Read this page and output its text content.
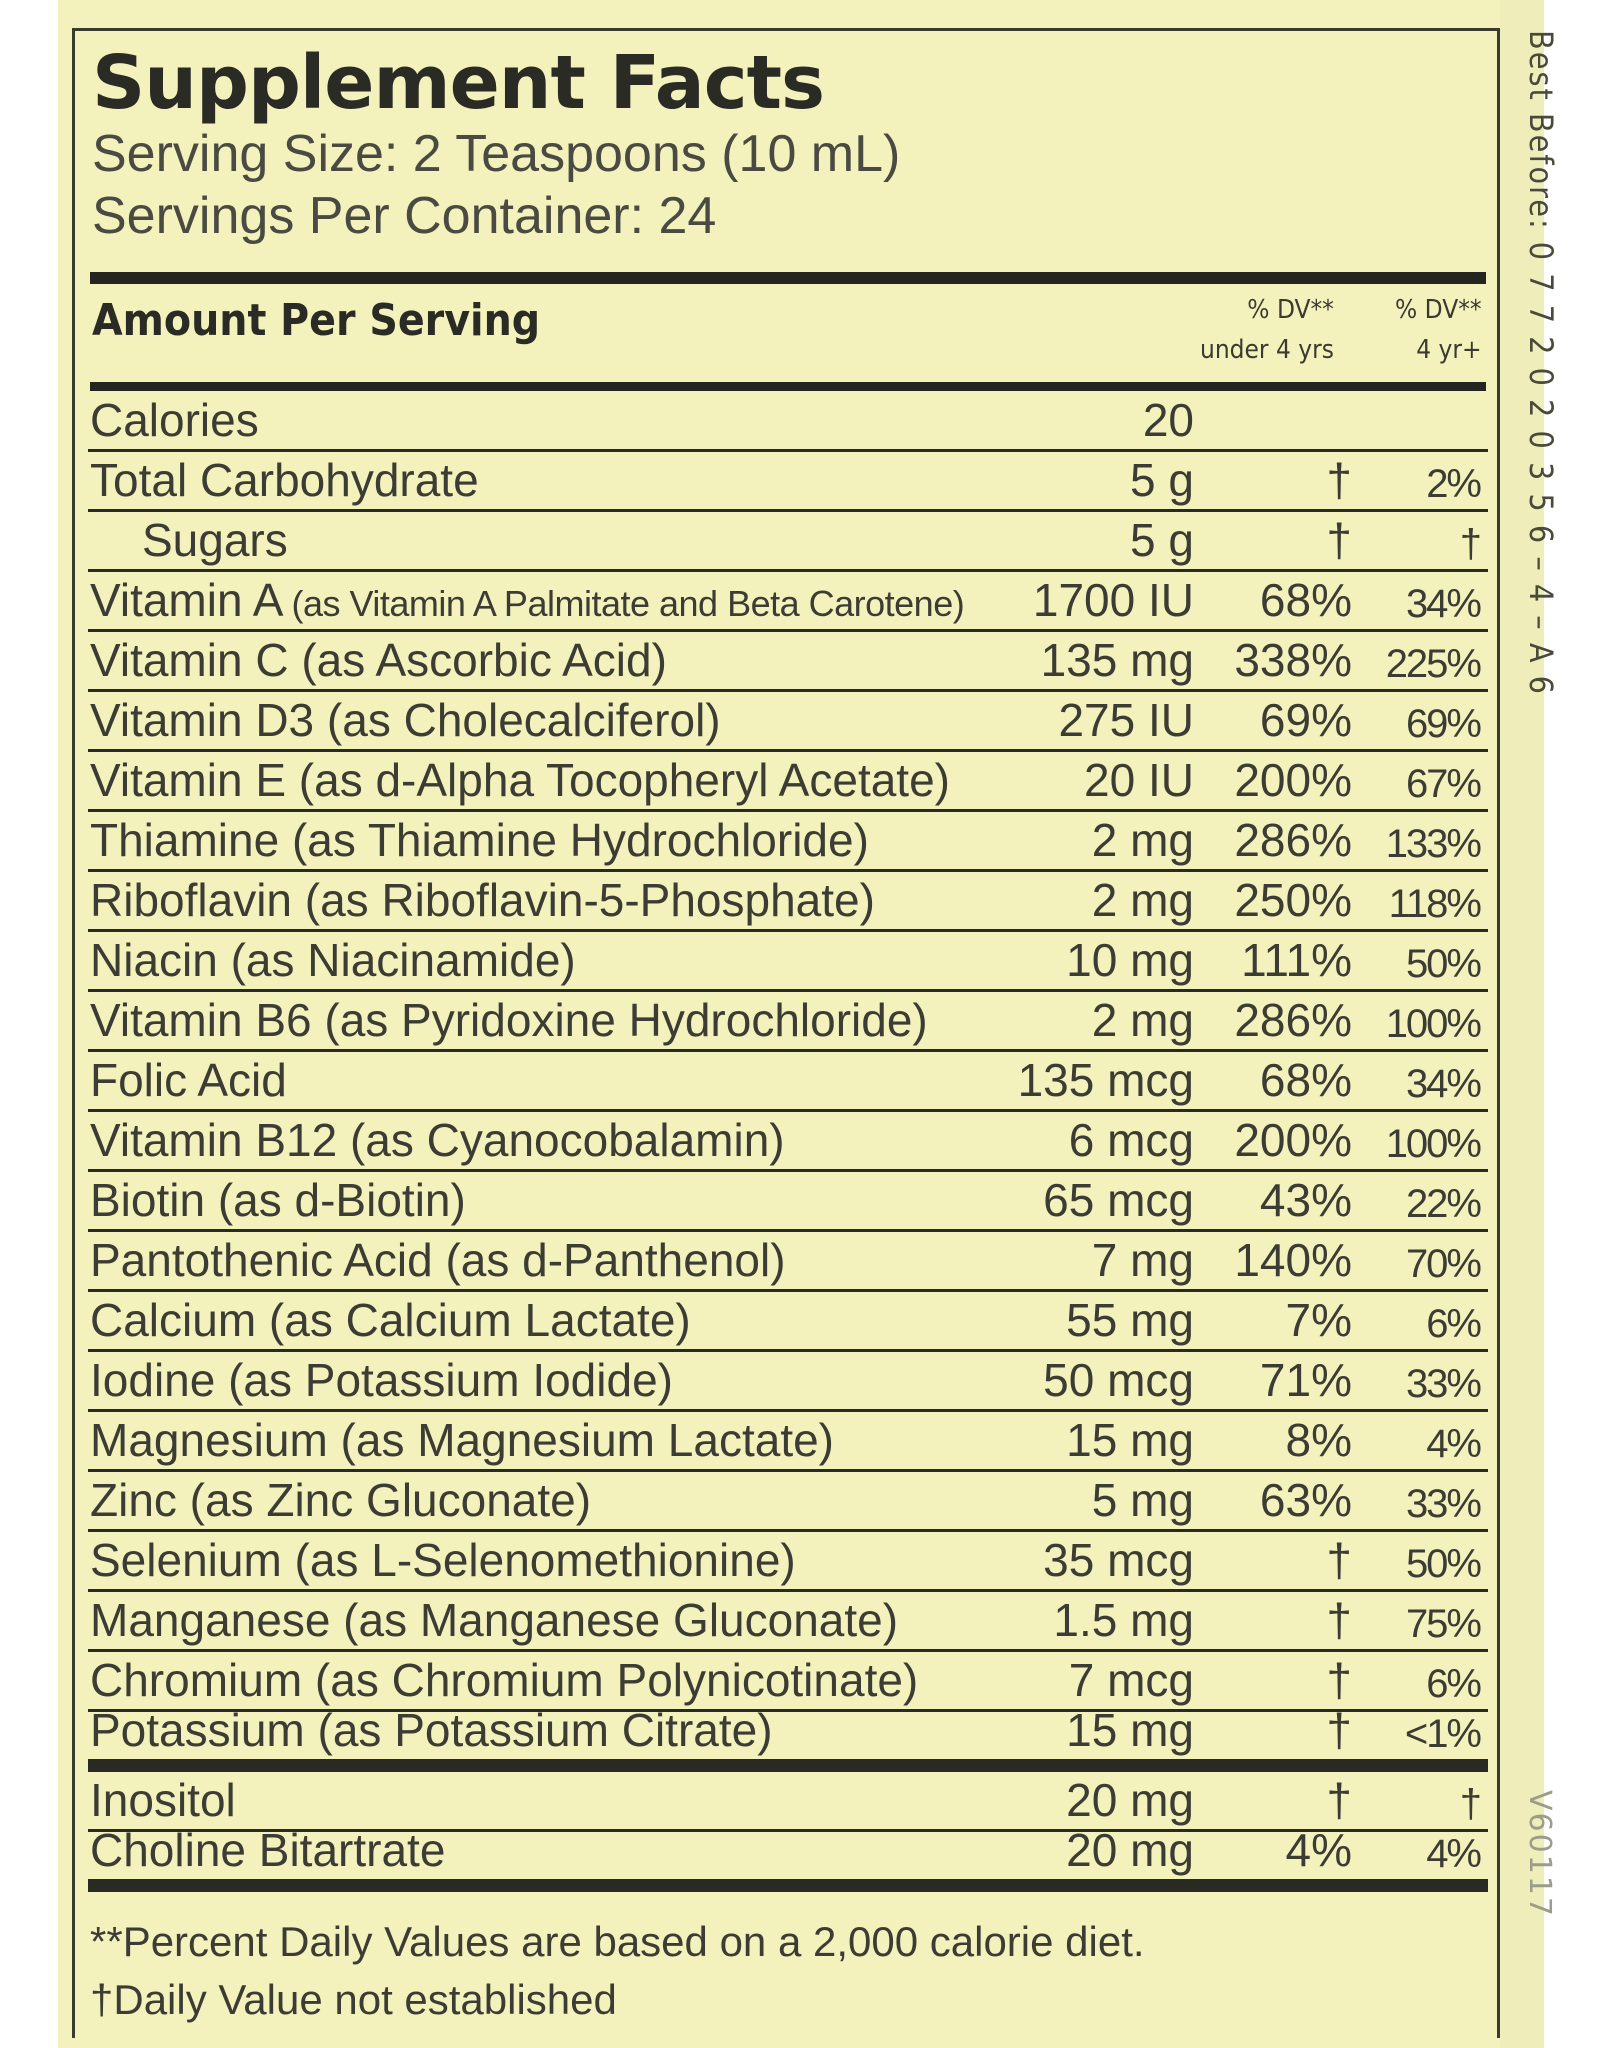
Best Before: 0 7 7 2 0 2 0 3 5 6 – 4 – A 6
V60117
Supplement Facts
Serving Size: 2 Teaspoons (10 mL)
Servings Per Container: 24
Amount Per Serving	% DV**
under 4 yrs
% DV**
4 yr+
Calories	20
Total Carbohydrate	5 g	† 2%
Sugars	5 g	†	†
Vitamin A (as Vitamin A Palmitate and Beta Carotene) 1700 IU 68% 34%
Vitamin C (as Ascorbic Acid)	135 mg 338% 225%
Vitamin D3 (as Cholecalciferol)	275 IU 69% 69%
Vitamin E (as d-Alpha Tocopheryl Acetate)	20 IU 200% 67%
Thiamine (as Thiamine Hydrochloride)	2 mg 286% 133%
Riboflavin (as Riboflavin-5-Phosphate)	2 mg 250% 118%
Niacin (as Niacinamide)	10 mg 111% 50%
Vitamin B6 (as Pyridoxine Hydrochloride)	2 mg 286% 100%
Folic Acid	135 mcg 68% 34%
Vitamin B12 (as Cyanocobalamin)	6 mcg 200% 100%
Biotin (as d-Biotin)	65 mcg 43% 22%
Pantothenic Acid (as d-Panthenol)	7 mg 140% 70%
Calcium (as Calcium Lactate)	55 mg 7% 6%
Iodine (as Potassium Iodide)	50 mcg 71% 33%
Magnesium (as Magnesium Lactate)	15 mg 8% 4%
Zinc (as Zinc Gluconate)	5 mg 63% 33%
Selenium (as L-Selenomethionine)	35 mcg	† 50%
Manganese (as Manganese Gluconate)	1.5 mg	† 75%
Chromium (as Chromium Polynicotinate)	7 mcg	† 6%
Potassium (as Potassium Citrate)	15 mg	† <1%
Inositol	20 mg	†	†
Choline Bitartrate	20 mg 4% 4%
**Percent Daily Values are based on a 2,000 calorie diet.
†Daily Value not established
